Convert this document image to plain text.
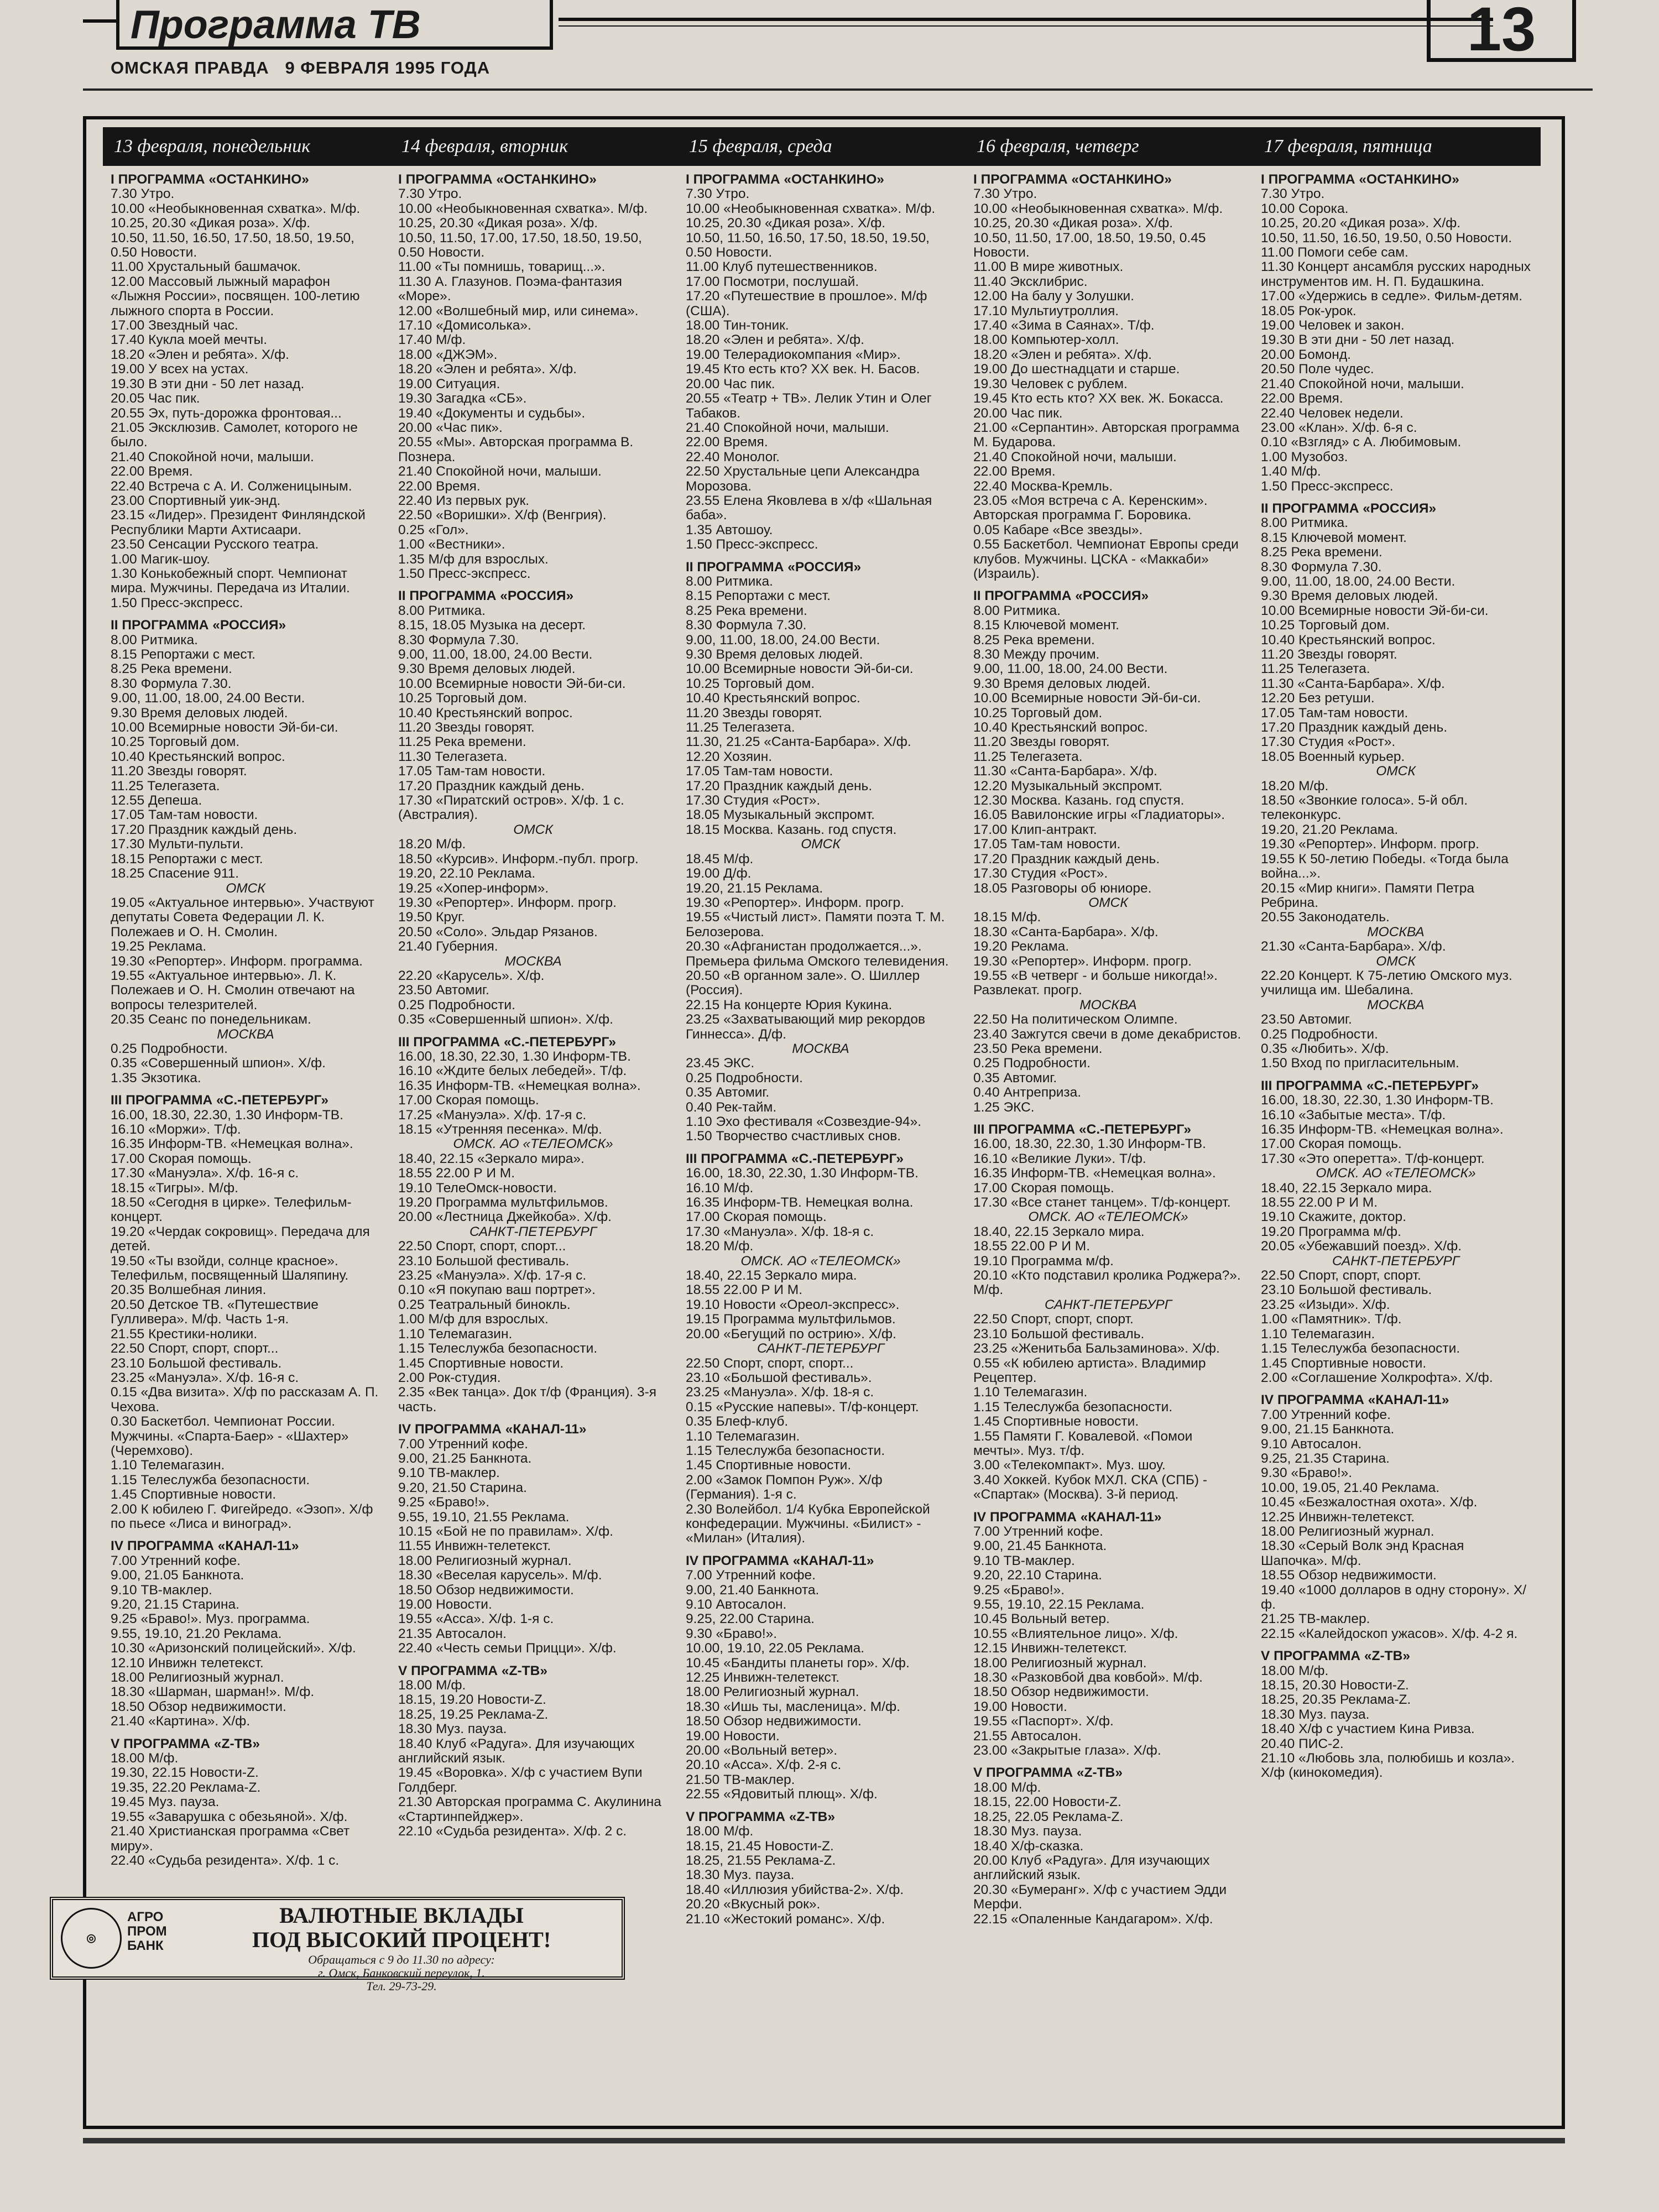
Программа ТВ	13
ОМСКАЯ ПРАВДА 9 ФЕВРАЛЯ 1995 ГОДА
13 февраля, понедельник	14 февраля, вторник	15 февраля, среда	16 февраля, четверг	17 февраля, пятница
I ПРОГРАММА «ОСТАНКИНО»
7.30 Утро.
10.00 «Необыкновенная схватка». М/ф.
10.25, 20.30 «Дикая роза». Х/ф.
10.50, 11.50, 16.50, 17.50, 18.50, 19.50, 0.50 Новости.
11.00 Хрустальный башмачок.
12.00 Массовый лыжный марафон «Лыжня России», посвящен. 100-летию лыжного спорта в России.
17.00 Звездный час.
17.40 Кукла моей мечты.
18.20 «Элен и ребята». Х/ф.
19.00 У всех на устах.
19.30 В эти дни - 50 лет назад.
20.05 Час пик.
20.55 Эх, путь-дорожка фронтовая...
21.05 Эксклюзив. Самолет, которого не было.
21.40 Спокойной ночи, малыши.
22.00 Время.
22.40 Встреча с А. И. Солженицыным.
23.00 Спортивный уик-энд.
23.15 «Лидер». Президент Финляндской Республики Марти Ахтисаари.
23.50 Сенсации Русского театра.
1.00 Магик-шоу.
1.30 Конькобежный спорт. Чемпионат мира. Мужчины. Передача из Италии.
1.50 Пресс-экспресс.
II ПРОГРАММА «РОССИЯ»
8.00 Ритмика.
8.15 Репортажи с мест.
8.25 Река времени.
8.30 Формула 7.30.
9.00, 11.00, 18.00, 24.00 Вести.
9.30 Время деловых людей.
10.00 Всемирные новости Эй-би-си.
10.25 Торговый дом.
10.40 Крестьянский вопрос.
11.20 Звезды говорят.
11.25 Телегазета.
12.55 Депеша.
17.05 Там-там новости.
17.20 Праздник каждый день.
17.30 Мульти-пульти.
18.15 Репортажи с мест.
18.25 Спасение 911.
ОМСК
19.05 «Актуальное интервью». Участвуют депутаты Совета Федерации Л. К. Полежаев и О. Н. Смолин.
19.25 Реклама.
19.30 «Репортер». Информ. программа.
19.55 «Актуальное интервью». Л. К. Полежаев и О. Н. Смолин отвечают на вопросы телезрителей.
20.35 Сеанс по понедельникам.
МОСКВА
0.25 Подробности.
0.35 «Совершенный шпион». Х/ф.
1.35 Экзотика.
III ПРОГРАММА «С.-ПЕТЕРБУРГ»
16.00, 18.30, 22.30, 1.30 Информ-ТВ.
16.10 «Моржи». Т/ф.
16.35 Информ-ТВ. «Немецкая волна».
17.00 Скорая помощь.
17.30 «Мануэла». Х/ф. 16-я с.
18.15 «Тигры». М/ф.
18.50 «Сегодня в цирке». Телефильм-концерт.
19.20 «Чердак сокровищ». Передача для детей.
19.50 «Ты взойди, солнце красное». Телефильм, посвященный Шаляпину.
20.35 Волшебная линия.
20.50 Детское ТВ. «Путешествие Гулливера». М/ф. Часть 1-я.
21.55 Крестики-нолики.
22.50 Спорт, спорт, спорт...
23.10 Большой фестиваль.
23.25 «Мануэла». Х/ф. 16-я с.
0.15 «Два визита». Х/ф по рассказам А. П. Чехова.
0.30 Баскетбол. Чемпионат России. Мужчины. «Спарта-Баер» - «Шахтер» (Черемхово).
1.10 Телемагазин.
1.15 Телеслужба безопасности.
1.45 Спортивные новости.
2.00 К юбилею Г. Фигейредо. «Эзоп». Х/ф по пьесе «Лиса и виноград».
IV ПРОГРАММА «КАНАЛ-11»
7.00 Утренний кофе.
9.00, 21.05 Банкнота.
9.10 ТВ-маклер.
9.20, 21.15 Старина.
9.25 «Браво!». Муз. программа.
9.55, 19.10, 21.20 Реклама.
10.30 «Аризонский полицейский». Х/ф.
12.10 Инвижн телетекст.
18.00 Религиозный журнал.
18.30 «Шарман, шарман!». М/ф.
18.50 Обзор недвижимости.
21.40 «Картина». Х/ф.
V ПРОГРАММА «Z-ТВ»
18.00 М/ф.
19.30, 22.15 Новости-Z.
19.35, 22.20 Реклама-Z.
19.45 Муз. пауза.
19.55 «Заварушка с обезьяной». Х/ф.
21.40 Христианская программа «Свет миру».
22.40 «Судьба резидента». Х/ф. 1 с.
I ПРОГРАММА «ОСТАНКИНО»
7.30 Утро.
10.00 «Необыкновенная схватка». М/ф.
10.25, 20.30 «Дикая роза». Х/ф.
10.50, 11.50, 17.00, 17.50, 18.50, 19.50, 0.50 Новости.
11.00 «Ты помнишь, товарищ...».
11.30 А. Глазунов. Поэма-фантазия «Море».
12.00 «Волшебный мир, или синема».
17.10 «Домисолька».
17.40 М/ф.
18.00 «ДЖЭМ».
18.20 «Элен и ребята». Х/ф.
19.00 Ситуация.
19.30 Загадка «СБ».
19.40 «Документы и судьбы».
20.00 «Час пик».
20.55 «Мы». Авторская программа В. Познера.
21.40 Спокойной ночи, малыши.
22.00 Время.
22.40 Из первых рук.
22.50 «Воришки». Х/ф (Венгрия).
0.25 «Гол».
1.00 «Вестники».
1.35 М/ф для взрослых.
1.50 Пресс-экспресс.
II ПРОГРАММА «РОССИЯ»
8.00 Ритмика.
8.15, 18.05 Музыка на десерт.
8.30 Формула 7.30.
9.00, 11.00, 18.00, 24.00 Вести.
9.30 Время деловых людей.
10.00 Всемирные новости Эй-би-си.
10.25 Торговый дом.
10.40 Крестьянский вопрос.
11.20 Звезды говорят.
11.25 Река времени.
11.30 Телегазета.
17.05 Там-там новости.
17.20 Праздник каждый день.
17.30 «Пиратский остров». Х/ф. 1 с. (Австралия).
ОМСК
18.20 М/ф.
18.50 «Курсив». Информ.-публ. прогр.
19.20, 22.10 Реклама.
19.25 «Хопер-информ».
19.30 «Репортер». Информ. прогр.
19.50 Круг.
20.50 «Соло». Эльдар Рязанов.
21.40 Губерния.
МОСКВА
22.20 «Карусель». Х/ф.
23.50 Автомиг.
0.25 Подробности.
0.35 «Совершенный шпион». Х/ф.
III ПРОГРАММА «С.-ПЕТЕРБУРГ»
16.00, 18.30, 22.30, 1.30 Информ-ТВ.
16.10 «Ждите белых лебедей». Т/ф.
16.35 Информ-ТВ. «Немецкая волна».
17.00 Скорая помощь.
17.25 «Мануэла». Х/ф. 17-я с.
18.15 «Утренняя песенка». М/ф.
ОМСК. АО «ТЕЛЕОМСК»
18.40, 22.15 «Зеркало мира».
18.55 22.00 Р И М.
19.10 ТелеОмск-новости.
19.20 Программа мультфильмов.
20.00 «Лестница Джейкоба». Х/ф.
САНКТ-ПЕТЕРБУРГ
22.50 Спорт, спорт, спорт...
23.10 Большой фестиваль.
23.25 «Мануэла». Х/ф. 17-я с.
0.10 «Я покупаю ваш портрет».
0.25 Театральный бинокль.
1.00 М/ф для взрослых.
1.10 Телемагазин.
1.15 Телеслужба безопасности.
1.45 Спортивные новости.
2.00 Рок-студия.
2.35 «Век танца». Док т/ф (Франция). 3-я часть.
IV ПРОГРАММА «КАНАЛ-11»
7.00 Утренний кофе.
9.00, 21.25 Банкнота.
9.10 ТВ-маклер.
9.20, 21.50 Старина.
9.25 «Браво!».
9.55, 19.10, 21.55 Реклама.
10.15 «Бой не по правилам». Х/ф.
11.55 Инвижн-телетекст.
18.00 Религиозный журнал.
18.30 «Веселая карусель». М/ф.
18.50 Обзор недвижимости.
19.00 Новости.
19.55 «Асса». Х/ф. 1-я с.
21.35 Автосалон.
22.40 «Честь семьи Прицци». Х/ф.
V ПРОГРАММА «Z-ТВ»
18.00 М/ф.
18.15, 19.20 Новости-Z.
18.25, 19.25 Реклама-Z.
18.30 Муз. пауза.
18.40 Клуб «Радуга». Для изучающих английский язык.
19.45 «Воровка». Х/ф с участием Вупи Голдберг.
21.30 Авторская программа С. Акулинина «Стартинпейджер».
22.10 «Судьба резидента». Х/ф. 2 с.
I ПРОГРАММА «ОСТАНКИНО»
7.30 Утро.
10.00 «Необыкновенная схватка». М/ф.
10.25, 20.30 «Дикая роза». Х/ф.
10.50, 11.50, 16.50, 17.50, 18.50, 19.50, 0.50 Новости.
11.00 Клуб путешественников.
17.00 Посмотри, послушай.
17.20 «Путешествие в прошлое». М/ф (США).
18.00 Тин-тоник.
18.20 «Элен и ребята». Х/ф.
19.00 Телерадиокомпания «Мир».
19.45 Кто есть кто? XX век. Н. Басов.
20.00 Час пик.
20.55 «Театр + ТВ». Лелик Утин и Олег Табаков.
21.40 Спокойной ночи, малыши.
22.00 Время.
22.40 Монолог.
22.50 Хрустальные цепи Александра Морозова.
23.55 Елена Яковлева в х/ф «Шальная баба».
1.35 Автошоу.
1.50 Пресс-экспресс.
II ПРОГРАММА «РОССИЯ»
8.00 Ритмика.
8.15 Репортажи с мест.
8.25 Река времени.
8.30 Формула 7.30.
9.00, 11.00, 18.00, 24.00 Вести.
9.30 Время деловых людей.
10.00 Всемирные новости Эй-би-си.
10.25 Торговый дом.
10.40 Крестьянский вопрос.
11.20 Звезды говорят.
11.25 Телегазета.
11.30, 21.25 «Санта-Барбара». Х/ф.
12.20 Хозяин.
17.05 Там-там новости.
17.20 Праздник каждый день.
17.30 Студия «Рост».
18.05 Музыкальный экспромт.
18.15 Москва. Казань. год спустя.
ОМСК
18.45 М/ф.
19.00 Д/ф.
19.20, 21.15 Реклама.
19.30 «Репортер». Информ. прогр.
19.55 «Чистый лист». Памяти поэта Т. М. Белозерова.
20.30 «Афганистан продолжается...». Премьера фильма Омского телевидения.
20.50 «В органном зале». О. Шиллер (Россия).
22.15 На концерте Юрия Кукина.
23.25 «Захватывающий мир рекордов Гиннесса». Д/ф.
МОСКВА
23.45 ЭКС.
0.25 Подробности.
0.35 Автомиг.
0.40 Рек-тайм.
1.10 Эхо фестиваля «Созвездие-94».
1.50 Творчество счастливых снов.
III ПРОГРАММА «С.-ПЕТЕРБУРГ»
16.00, 18.30, 22.30, 1.30 Информ-ТВ.
16.10 М/ф.
16.35 Информ-ТВ. Немецкая волна.
17.00 Скорая помощь.
17.30 «Мануэла». Х/ф. 18-я с.
18.20 М/ф.
ОМСК. АО «ТЕЛЕОМСК»
18.40, 22.15 Зеркало мира.
18.55 22.00 Р И М.
19.10 Новости «Ореол-экспресс».
19.15 Программа мультфильмов.
20.00 «Бегущий по острию». Х/ф.
САНКТ-ПЕТЕРБУРГ
22.50 Спорт, спорт, спорт...
23.10 «Большой фестиваль».
23.25 «Мануэла». Х/ф. 18-я с.
0.15 «Русские напевы». Т/ф-концерт.
0.35 Блеф-клуб.
1.10 Телемагазин.
1.15 Телеслужба безопасности.
1.45 Спортивные новости.
2.00 «Замок Помпон Руж». Х/ф (Германия). 1-я с.
2.30 Волейбол. 1/4 Кубка Европейской конфедерации. Мужчины. «Билист» - «Милан» (Италия).
IV ПРОГРАММА «КАНАЛ-11»
7.00 Утренний кофе.
9.00, 21.40 Банкнота.
9.10 Автосалон.
9.25, 22.00 Старина.
9.30 «Браво!».
10.00, 19.10, 22.05 Реклама.
10.45 «Бандиты планеты гор». Х/ф.
12.25 Инвижн-телетекст.
18.00 Религиозный журнал.
18.30 «Ишь ты, масленица». М/ф.
18.50 Обзор недвижимости.
19.00 Новости.
20.00 «Вольный ветер».
20.10 «Асса». Х/ф. 2-я с.
21.50 ТВ-маклер.
22.55 «Ядовитый плющ». Х/ф.
V ПРОГРАММА «Z-ТВ»
18.00 М/ф.
18.15, 21.45 Новости-Z.
18.25, 21.55 Реклама-Z.
18.30 Муз. пауза.
18.40 «Иллюзия убийства-2». Х/ф.
20.20 «Вкусный рок».
21.10 «Жестокий романс». Х/ф.
I ПРОГРАММА «ОСТАНКИНО»
7.30 Утро.
10.00 «Необыкновенная схватка». М/ф.
10.25, 20.30 «Дикая роза». Х/ф.
10.50, 11.50, 17.00, 18.50, 19.50, 0.45 Новости.
11.00 В мире животных.
11.40 Эксклибрис.
12.00 На балу у Золушки.
17.10 Мультиутроллия.
17.40 «Зима в Саянах». Т/ф.
18.00 Компьютер-холл.
18.20 «Элен и ребята». Х/ф.
19.00 До шестнадцати и старше.
19.30 Человек с рублем.
19.45 Кто есть кто? XX век. Ж. Бокасса.
20.00 Час пик.
21.00 «Серпантин». Авторская программа М. Бударова.
21.40 Спокойной ночи, малыши.
22.00 Время.
22.40 Москва-Кремль.
23.05 «Моя встреча с А. Керенским». Авторская программа Г. Боровика.
0.05 Кабаре «Все звезды».
0.55 Баскетбол. Чемпионат Европы среди клубов. Мужчины. ЦСКА - «Маккаби» (Израиль).
II ПРОГРАММА «РОССИЯ»
8.00 Ритмика.
8.15 Ключевой момент.
8.25 Река времени.
8.30 Между прочим.
9.00, 11.00, 18.00, 24.00 Вести.
9.30 Время деловых людей.
10.00 Всемирные новости Эй-би-си.
10.25 Торговый дом.
10.40 Крестьянский вопрос.
11.20 Звезды говорят.
11.25 Телегазета.
11.30 «Санта-Барбара». Х/ф.
12.20 Музыкальный экспромт.
12.30 Москва. Казань. год спустя.
16.05 Вавилонские игры «Гладиаторы».
17.00 Клип-антракт.
17.05 Там-там новости.
17.20 Праздник каждый день.
17.30 Студия «Рост».
18.05 Разговоры об юниоре.
ОМСК
18.15 М/ф.
18.30 «Санта-Барбара». Х/ф.
19.20 Реклама.
19.30 «Репортер». Информ. прогр.
19.55 «В четверг - и больше никогда!». Развлекат. прогр.
МОСКВА
22.50 На политическом Олимпе.
23.40 Зажгутся свечи в доме декабристов.
23.50 Река времени.
0.25 Подробности.
0.35 Автомиг.
0.40 Антреприза.
1.25 ЭКС.
III ПРОГРАММА «С.-ПЕТЕРБУРГ»
16.00, 18.30, 22.30, 1.30 Информ-ТВ.
16.10 «Великие Луки». Т/ф.
16.35 Информ-ТВ. «Немецкая волна».
17.00 Скорая помощь.
17.30 «Все станет танцем». Т/ф-концерт.
ОМСК. АО «ТЕЛЕОМСК»
18.40, 22.15 Зеркало мира.
18.55 22.00 Р И М.
19.10 Программа м/ф.
20.10 «Кто подставил кролика Роджера?». М/ф.
САНКТ-ПЕТЕРБУРГ
22.50 Спорт, спорт, спорт.
23.10 Большой фестиваль.
23.25 «Женитьба Бальзаминова». Х/ф.
0.55 «К юбилею артиста». Владимир Рецептер.
1.10 Телемагазин.
1.15 Телеслужба безопасности.
1.45 Спортивные новости.
1.55 Памяти Г. Ковалевой. «Помои мечты». Муз. т/ф.
3.00 «Телекомпакт». Муз. шоу.
3.40 Хоккей. Кубок МХЛ. СКА (СПБ) - «Спартак» (Москва). 3-й период.
IV ПРОГРАММА «КАНАЛ-11»
7.00 Утренний кофе.
9.00, 21.45 Банкнота.
9.10 ТВ-маклер.
9.20, 22.10 Старина.
9.25 «Браво!».
9.55, 19.10, 22.15 Реклама.
10.45 Вольный ветер.
10.55 «Влиятельное лицо». Х/ф.
12.15 Инвижн-телетекст.
18.00 Религиозный журнал.
18.30 «Разковбой два ковбой». М/ф.
18.50 Обзор недвижимости.
19.00 Новости.
19.55 «Паспорт». Х/ф.
21.55 Автосалон.
23.00 «Закрытые глаза». Х/ф.
V ПРОГРАММА «Z-ТВ»
18.00 М/ф.
18.15, 22.00 Новости-Z.
18.25, 22.05 Реклама-Z.
18.30 Муз. пауза.
18.40 Х/ф-сказка.
20.00 Клуб «Радуга». Для изучающих английский язык.
20.30 «Бумеранг». Х/ф с участием Эдди Мерфи.
22.15 «Опаленные Кандагаром». Х/ф.
I ПРОГРАММА «ОСТАНКИНО»
7.30 Утро.
10.00 Сорока.
10.25, 20.20 «Дикая роза». Х/ф.
10.50, 11.50, 16.50, 19.50, 0.50 Новости.
11.00 Помоги себе сам.
11.30 Концерт ансамбля русских народных инструментов им. Н. П. Будашкина.
17.00 «Удержись в седле». Фильм-детям.
18.05 Рок-урок.
19.00 Человек и закон.
19.30 В эти дни - 50 лет назад.
20.00 Бомонд.
20.50 Поле чудес.
21.40 Спокойной ночи, малыши.
22.00 Время.
22.40 Человек недели.
23.00 «Клан». Х/ф. 6-я с.
0.10 «Взгляд» с А. Любимовым.
1.00 Музобоз.
1.40 М/ф.
1.50 Пресс-экспресс.
II ПРОГРАММА «РОССИЯ»
8.00 Ритмика.
8.15 Ключевой момент.
8.25 Река времени.
8.30 Формула 7.30.
9.00, 11.00, 18.00, 24.00 Вести.
9.30 Время деловых людей.
10.00 Всемирные новости Эй-би-си.
10.25 Торговый дом.
10.40 Крестьянский вопрос.
11.20 Звезды говорят.
11.25 Телегазета.
11.30 «Санта-Барбара». Х/ф.
12.20 Без ретуши.
17.05 Там-там новости.
17.20 Праздник каждый день.
17.30 Студия «Рост».
18.05 Военный курьер.
ОМСК
18.20 М/ф.
18.50 «Звонкие голоса». 5-й обл. телеконкурс.
19.20, 21.20 Реклама.
19.30 «Репортер». Информ. прогр.
19.55 К 50-летию Победы. «Тогда была война...».
20.15 «Мир книги». Памяти Петра Ребрина.
20.55 Законодатель.
МОСКВА
21.30 «Санта-Барбара». Х/ф.
ОМСК
22.20 Концерт. К 75-летию Омского муз. училища им. Шебалина.
МОСКВА
23.50 Автомиг.
0.25 Подробности.
0.35 «Любить». Х/ф.
1.50 Вход по пригласительным.
III ПРОГРАММА «С.-ПЕТЕРБУРГ»
16.00, 18.30, 22.30, 1.30 Информ-ТВ.
16.10 «Забытые места». Т/ф.
16.35 Информ-ТВ. «Немецкая волна».
17.00 Скорая помощь.
17.30 «Это оперетта». Т/ф-концерт.
ОМСК. АО «ТЕЛЕОМСК»
18.40, 22.15 Зеркало мира.
18.55 22.00 Р И М.
19.10 Скажите, доктор.
19.20 Программа м/ф.
20.05 «Убежавший поезд». Х/ф.
САНКТ-ПЕТЕРБУРГ
22.50 Спорт, спорт, спорт.
23.10 Большой фестиваль.
23.25 «Изыди». Х/ф.
1.00 «Памятник». Т/ф.
1.10 Телемагазин.
1.15 Телеслужба безопасности.
1.45 Спортивные новости.
2.00 «Соглашение Холкрофта». Х/ф.
IV ПРОГРАММА «КАНАЛ-11»
7.00 Утренний кофе.
9.00, 21.15 Банкнота.
9.10 Автосалон.
9.25, 21.35 Старина.
9.30 «Браво!».
10.00, 19.05, 21.40 Реклама.
10.45 «Безжалостная охота». Х/ф.
12.25 Инвижн-телетекст.
18.00 Религиозный журнал.
18.30 «Серый Волк энд Красная Шапочка». М/ф.
18.55 Обзор недвижимости.
19.40 «1000 долларов в одну сторону». Х/ф.
21.25 ТВ-маклер.
22.15 «Калейдоскоп ужасов». Х/ф. 4-2 я.
V ПРОГРАММА «Z-ТВ»
18.00 М/ф.
18.15, 20.30 Новости-Z.
18.25, 20.35 Реклама-Z.
18.30 Муз. пауза.
18.40 Х/ф с участием Кина Ривза.
20.40 ПИС-2.
21.10 «Любовь зла, полюбишь и козла». Х/ф (кинокомедия).
◎
АГРО ПРОМ БАНК
ВАЛЮТНЫЕ ВКЛАДЫ
ПОД ВЫСОКИЙ ПРОЦЕНТ!
Обращаться с 9 до 11.30 по адресу:
г. Омск, Банковский переулок, 1.
Тел. 29-73-29.
